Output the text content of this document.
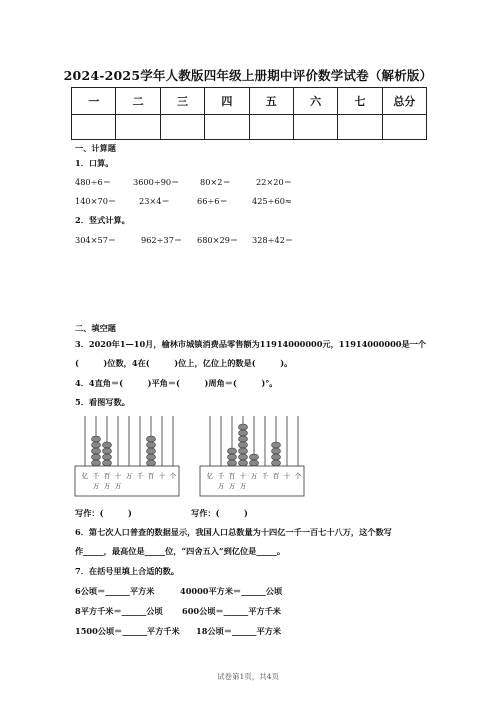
2024-2025学年人教版四年级上册期中评价数学试卷（解析版）
一	二	三	四	五	六	七	总分

一、计算题
1．口算。
480÷6＝	3600÷90＝	80×2＝	22×20＝
140×70＝	23×4＝	66÷6＝	425÷60≈
2．竖式计算。
304×57＝	962÷37＝ 680×29＝ 328÷42＝
二、填空题
3．2020年1—10月，榆林市城镇消费品零售额为11914000000元，11914000000是一个
(　　　)位数，4在(　　　)位上，亿位上的数是(　　　)。
4．4直角＝(　　　)平角＝(　　　)周角＝(　　　)°。
5．看图写数。
亿 千 百 十 万 千 百 十 个
万 万 万
亿 千 百 十 万 千 百 十 个
万 万 万
写作：(　　　)	写作：(　　　)
6．第七次人口普查的数据显示，我国人口总数量为十四亿一千一百七十八万，这个数写
作_____，最高位是_____位，“四舍五入”到亿位是_____。
7．在括号里填上合适的数。
6公顷＝______平方米	40000平方米＝______公顷
8平方千米＝______公顷 600公顷＝______平方千米
1500公顷＝______平方千米 18公顷＝______平方米
试卷第1页，共4页
